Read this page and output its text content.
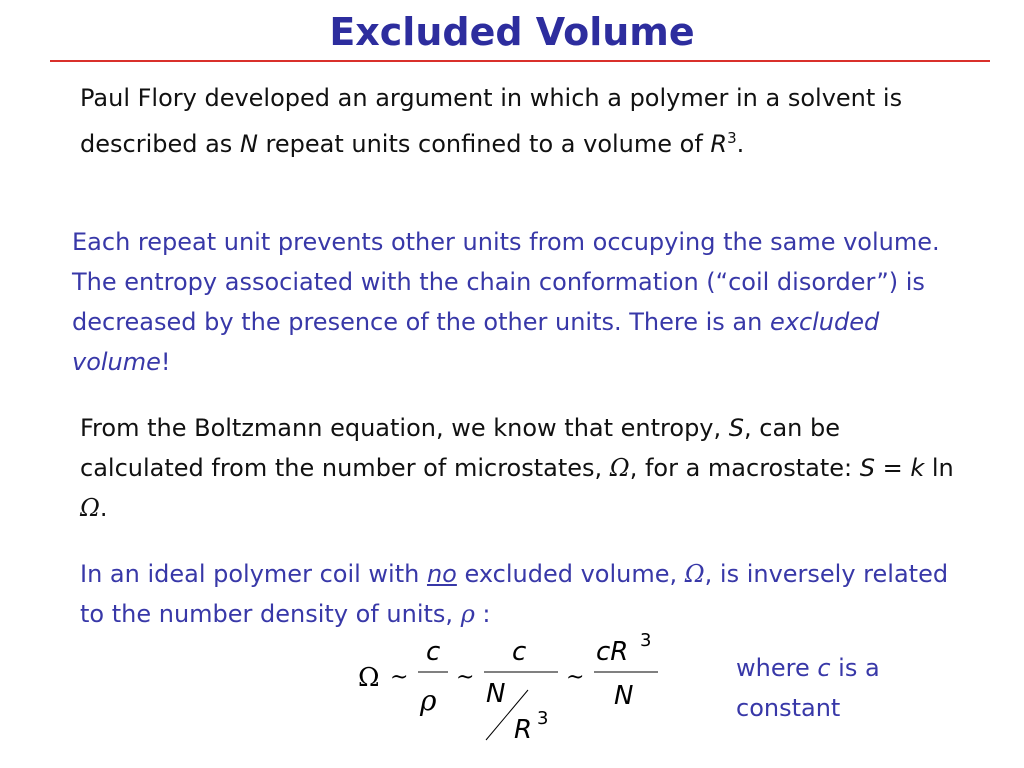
Excluded Volume
Paul Flory developed an argument in which a polymer in a solvent is described as N repeat units confined to a volume of $R^3$.
Each repeat unit prevents other units from occupying the same volume. The entropy associated with the chain conformation (“coil disorder”) is decreased by the presence of the other units. There is an excluded volume!
From the Boltzmann equation, we know that entropy, S, can be calculated from the number of microstates, Ω, for a macrostate: S = k ln Ω.
In an ideal polymer coil with no excluded volume, Ω, is inversely related to the number density of units, ρ :
Ω ~
c
ρ
~
c
N
R 3
~
cR 3
N
where c is a constant
